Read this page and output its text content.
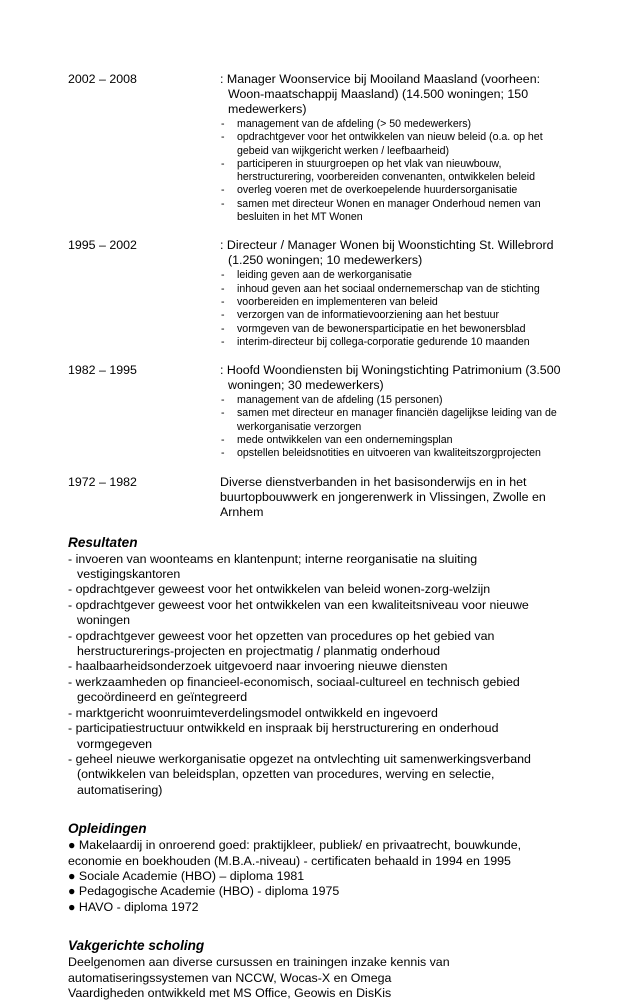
2002 – 2008	: Manager Woonservice bij Mooiland Maasland (voorheen: Woon-maatschappij Maasland) (14.500 woningen; 150 medewerkers)
- management van de afdeling (> 50 medewerkers)
- opdrachtgever voor het ontwikkelen van nieuw beleid (o.a. op het gebeid van wijkgericht werken / leefbaarheid)
- participeren in stuurgroepen op het vlak van nieuwbouw, herstructurering, voorbereiden convenanten, ontwikkelen beleid
- overleg voeren met de overkoepelende huurdersorganisatie
- samen met directeur Wonen en manager Onderhoud nemen van besluiten in het MT Wonen
1995 – 2002	: Directeur / Manager Wonen bij Woonstichting St. Willebrord (1.250 woningen; 10 medewerkers)
- leiding geven aan de werkorganisatie
- inhoud geven aan het sociaal ondernemerschap van de stichting
- voorbereiden en implementeren van beleid
- verzorgen van de informatievoorziening aan het bestuur
- vormgeven van de bewonersparticipatie en het bewonersblad
- interim-directeur bij collega-corporatie gedurende 10 maanden
1982 – 1995	: Hoofd Woondiensten bij Woningstichting Patrimonium (3.500 woningen; 30 medewerkers)
- management van de afdeling (15 personen)
- samen met directeur en manager financiën dagelijkse leiding van de werkorganisatie verzorgen
- mede ontwikkelen van een ondernemingsplan
- opstellen beleidsnotities en uitvoeren van kwaliteitszorgprojecten
1972 – 1982	Diverse dienstverbanden in het basisonderwijs en in het buurtopbouwwerk en jongerenwerk in Vlissingen, Zwolle en Arnhem
Resultaten
- invoeren van woonteams en klantenpunt; interne reorganisatie na sluiting vestigingskantoren
- opdrachtgever geweest voor het ontwikkelen van beleid wonen-zorg-welzijn
- opdrachtgever geweest voor het ontwikkelen van een kwaliteitsniveau voor nieuwe woningen
- opdrachtgever geweest voor het opzetten van procedures op het gebied van herstructurerings-projecten en projectmatig / planmatig onderhoud
- haalbaarheidsonderzoek uitgevoerd naar invoering nieuwe diensten
- werkzaamheden op financieel-economisch, sociaal-cultureel en technisch gebied gecoördineerd en geïntegreerd
- marktgericht woonruimteverdelingsmodel ontwikkeld en ingevoerd
- participatiestructuur ontwikkeld en inspraak bij herstructurering en onderhoud vormgegeven
- geheel nieuwe werkorganisatie opgezet na ontvlechting uit samenwerkingsverband (ontwikkelen van beleidsplan, opzetten van procedures, werving en selectie, automatisering)
Opleidingen
● Makelaardij in onroerend goed: praktijkleer, publiek/ en privaatrecht, bouwkunde, economie en boekhouden (M.B.A.-niveau) - certificaten behaald in 1994 en 1995
● Sociale Academie (HBO) – diploma 1981
● Pedagogische Academie (HBO) - diploma 1975
● HAVO - diploma 1972
Vakgerichte scholing
Deelgenomen aan diverse cursussen en trainingen inzake kennis van automatiseringssystemen van NCCW, Wocas-X en Omega
Vaardigheden ontwikkeld met MS Office, Geowis en DisKis
